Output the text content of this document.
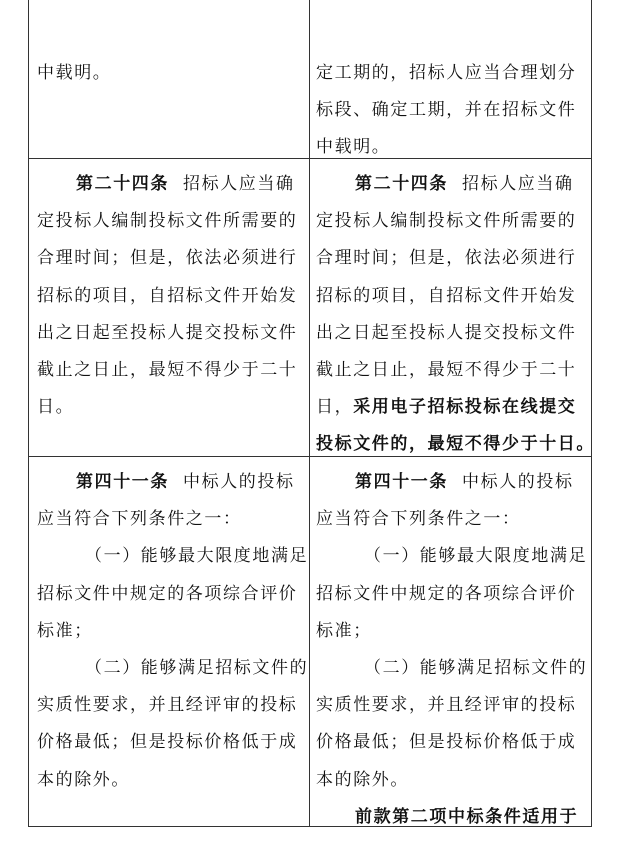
中载明。	定工期的，招标人应当合理划分
标段、确定工期，并在招标文件
中载明。
第二十四条 招标人应当确
定投标人编制投标文件所需要的
合理时间；但是，依法必须进行
招标的项目，自招标文件开始发
出之日起至投标人提交投标文件
截止之日止，最短不得少于二十
日。
第二十四条 招标人应当确
定投标人编制投标文件所需要的
合理时间；但是，依法必须进行
招标的项目，自招标文件开始发
出之日起至投标人提交投标文件
截止之日止，最短不得少于二十
日，采用电子招标投标在线提交
投标文件的，最短不得少于十日。
第四十一条 中标人的投标
应当符合下列条件之一：
（一）能够最大限度地满足
招标文件中规定的各项综合评价
标准；
（二）能够满足招标文件的
实质性要求，并且经评审的投标
价格最低；但是投标价格低于成
本的除外。
第四十一条 中标人的投标
应当符合下列条件之一：
（一）能够最大限度地满足
招标文件中规定的各项综合评价
标准；
（二）能够满足招标文件的
实质性要求，并且经评审的投标
价格最低；但是投标价格低于成
本的除外。
前款第二项中标条件适用于
